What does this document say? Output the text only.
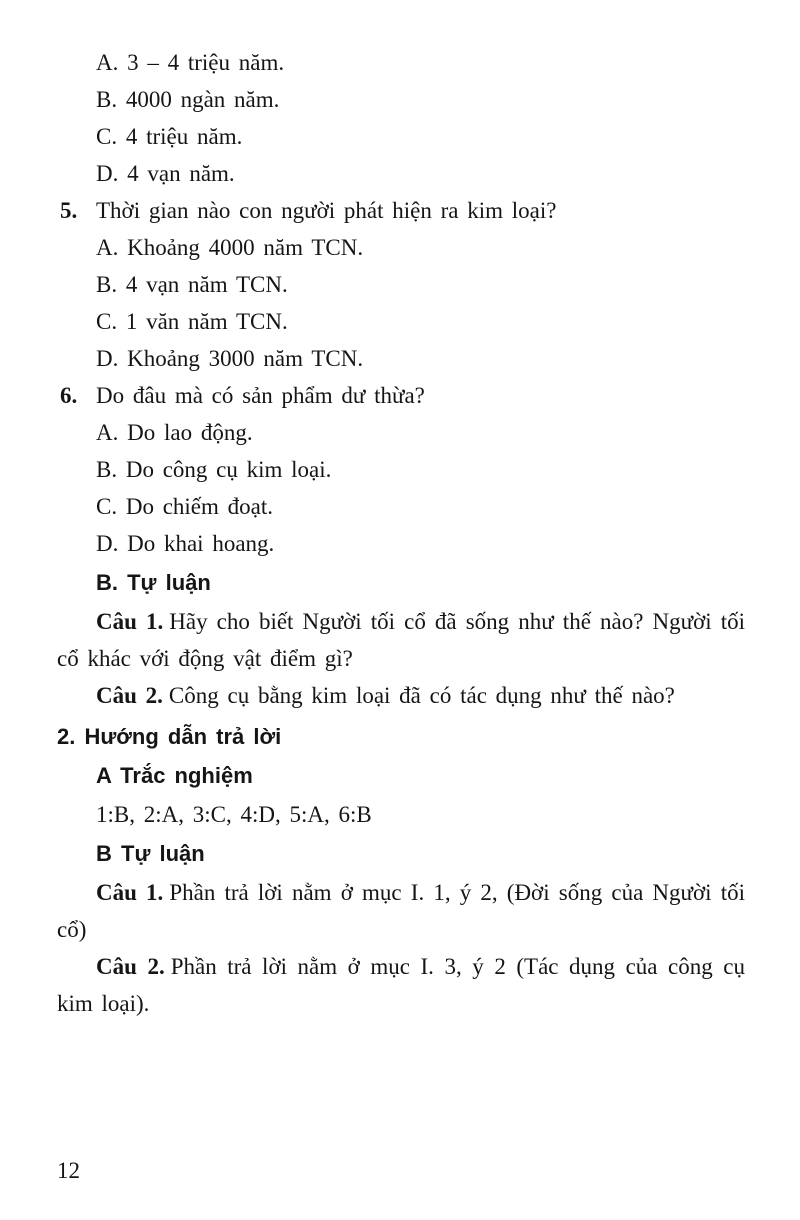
A. 3 – 4 triệu năm.
B. 4000 ngàn năm.
C. 4 triệu năm.
D. 4 vạn năm.
5. Thời gian nào con người phát hiện ra kim loại?
A. Khoảng 4000 năm TCN.
B. 4 vạn năm TCN.
C. 1 văn năm TCN.
D. Khoảng 3000 năm TCN.
6. Do đâu mà có sản phẩm dư thừa?
A. Do lao động.
B. Do công cụ kim loại.
C. Do chiếm đoạt.
D. Do khai hoang.
B. Tự luận

Câu 1. Hãy cho biết Người tối cổ đã sống như thế nào? Người tối cổ khác với động vật điểm gì?

Câu 2. Công cụ bằng kim loại đã có tác dụng như thế nào?

2. Hướng dẫn trả lời
A Trắc nghiệm
1:B, 2:A, 3:C, 4:D, 5:A, 6:B
B Tự luận

Câu 1. Phần trả lời nằm ở mục I. 1, ý 2, (Đời sống của Người tối cổ)

Câu 2. Phần trả lời nằm ở mục I. 3, ý 2 (Tác dụng của công cụ kim loại).

12
